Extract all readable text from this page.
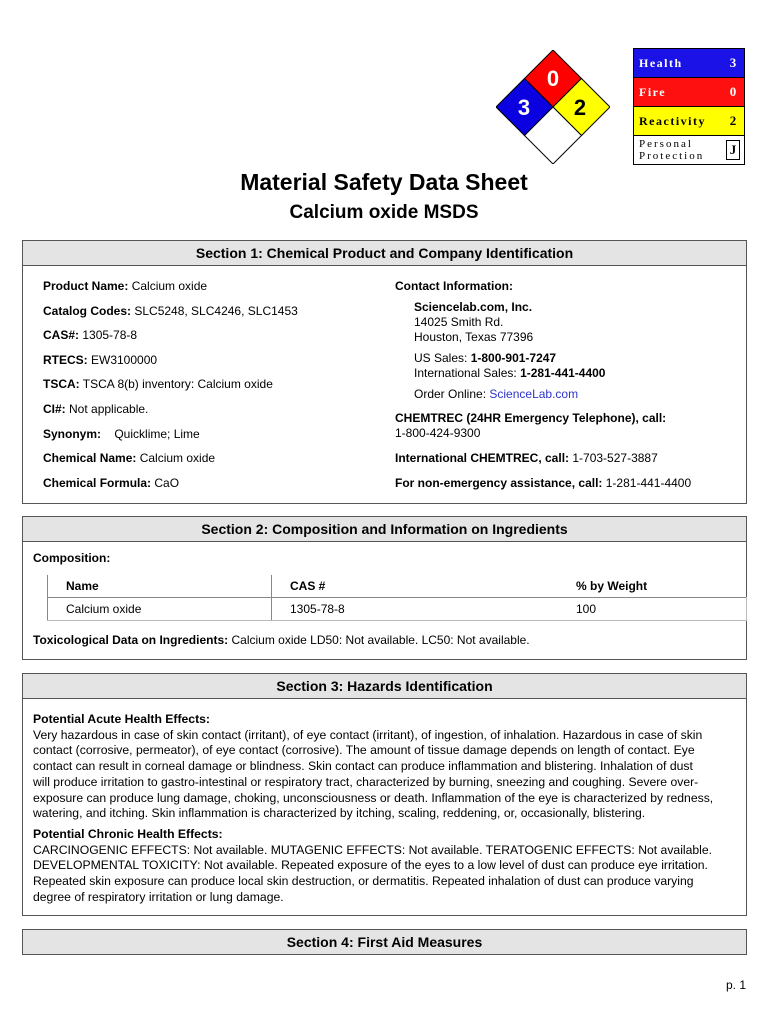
0
3 2
Health	3
Fire	0
Reactivity	2
Personal
Protection	J
Material Safety Data Sheet
Calcium oxide MSDS
Section 1: Chemical Product and Company Identification
Product Name: Calcium oxide
Catalog Codes: SLC5248, SLC4246, SLC1453
CAS#: 1305-78-8
RTECS: EW3100000
TSCA: TSCA 8(b) inventory: Calcium oxide
CI#: Not applicable.
Synonym:    Quicklime; Lime
Chemical Name: Calcium oxide
Chemical Formula: CaO
Contact Information:
Sciencelab.com, Inc.
14025 Smith Rd.
Houston, Texas 77396
US Sales: 1-800-901-7247
International Sales: 1-281-441-4400
Order Online: ScienceLab.com
CHEMTREC (24HR Emergency Telephone), call:
1-800-424-9300
International CHEMTREC, call: 1-703-527-3887
For non-emergency assistance, call: 1-281-441-4400
Section 2: Composition and Information on Ingredients
Composition:
Name	CAS #	% by Weight
Calcium oxide	1305-78-8	100
Toxicological Data on Ingredients: Calcium oxide LD50: Not available. LC50: Not available.
Section 3: Hazards Identification
Potential Acute Health Effects:
Very hazardous in case of skin contact (irritant), of eye contact (irritant), of ingestion, of inhalation. Hazardous in case of skin
contact (corrosive, permeator), of eye contact (corrosive). The amount of tissue damage depends on length of contact. Eye
contact can result in corneal damage or blindness. Skin contact can produce inflammation and blistering. Inhalation of dust
will produce irritation to gastro-intestinal or respiratory tract, characterized by burning, sneezing and coughing. Severe over-
exposure can produce lung damage, choking, unconsciousness or death. Inflammation of the eye is characterized by redness,
watering, and itching. Skin inflammation is characterized by itching, scaling, reddening, or, occasionally, blistering.
Potential Chronic Health Effects:
CARCINOGENIC EFFECTS: Not available. MUTAGENIC EFFECTS: Not available. TERATOGENIC EFFECTS: Not available.
DEVELOPMENTAL TOXICITY: Not available. Repeated exposure of the eyes to a low level of dust can produce eye irritation.
Repeated skin exposure can produce local skin destruction, or dermatitis. Repeated inhalation of dust can produce varying
degree of respiratory irritation or lung damage.
Section 4: First Aid Measures
p. 1
